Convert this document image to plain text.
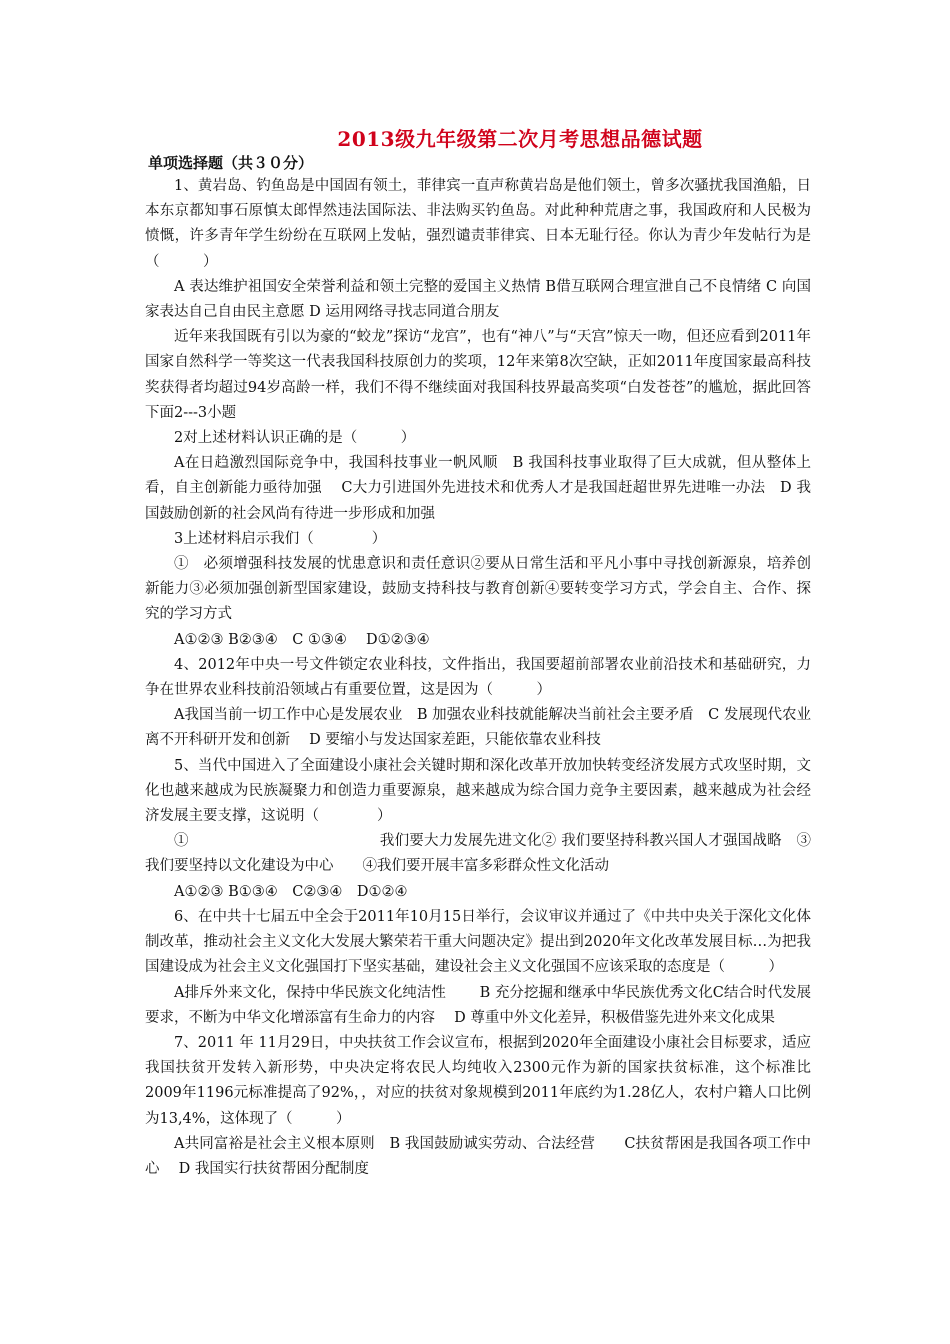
2013级九年级第二次月考思想品德试题
单项选择题（共３０分）

1、黄岩岛、钓鱼岛是中国固有领土，菲律宾一直声称黄岩岛是他们领土，曾多次骚扰我国渔船，日本东京都知事石原慎太郎悍然违法国际法、非法购买钓鱼岛。对此种种荒唐之事，我国政府和人民极为愤慨，许多青年学生纷纷在互联网上发帖，强烈谴责菲律宾、日本无耻行径。你认为青少年发帖行为是（　　　）

A 表达维护祖国安全荣誉利益和领土完整的爱国主义热情 B借互联网合理宣泄自己不良情绪 C 向国家表达自己自由民主意愿 D 运用网络寻找志同道合朋友

近年来我国既有引以为豪的“蛟龙”探访“龙宫”，也有“神八”与“天宫”惊天一吻，但还应看到2011年国家自然科学一等奖这一代表我国科技原创力的奖项，12年来第8次空缺，正如2011年度国家最高科技奖获得者均超过94岁高龄一样，我们不得不继续面对我国科技界最高奖项“白发苍苍”的尴尬，据此回答下面2---3小题

2对上述材料认识正确的是（　　　）

A在日趋激烈国际竞争中，我国科技事业一帆风顺　B 我国科技事业取得了巨大成就，但从整体上看，自主创新能力亟待加强　 C大力引进国外先进技术和优秀人才是我国赶超世界先进唯一办法　D 我国鼓励创新的社会风尚有待进一步形成和加强

3上述材料启示我们（　　　　）

①　必须增强科技发展的忧患意识和责任意识②要从日常生活和平凡小事中寻找创新源泉，培养创新能力③必须加强创新型国家建设，鼓励支持科技与教育创新④要转变学习方式，学会自主、合作、探究的学习方式

A①②③ B②③④　C ①③④　 D①②③④

4、2012年中央一号文件锁定农业科技，文件指出，我国要超前部署农业前沿技术和基础研究，力争在世界农业科技前沿领域占有重要位置，这是因为（　　　）

A我国当前一切工作中心是发展农业　B 加强农业科技就能解决当前社会主要矛盾　C 发展现代农业离不开科研开发和创新　 D 要缩小与发达国家差距，只能依靠农业科技

5、当代中国进入了全面建设小康社会关键时期和深化改革开放加快转变经济发展方式攻坚时期，文化也越来越成为民族凝聚力和创造力重要源泉，越来越成为综合国力竞争主要因素，越来越成为社会经济发展主要支撑，这说明（　　　　）

①　　　　　　　　　　　　　我们要大力发展先进文化② 我们要坚持科教兴国人才强国战略　③ 我们要坚持以文化建设为中心　　④我们要开展丰富多彩群众性文化活动

A①②③ B①③④　C②③④　D①②④

6、在中共十七届五中全会于2011年10月15日举行，会议审议并通过了《中共中央关于深化文化体制改革，推动社会主义文化大发展大繁荣若干重大问题决定》提出到2020年文化改革发展目标…为把我国建设成为社会主义文化强国打下坚实基础，建设社会主义文化强国不应该采取的态度是（　　　）

A排斥外来文化，保持中华民族文化纯洁性　　 B 充分挖掘和继承中华民族优秀文化C结合时代发展要求，不断为中华文化增添富有生命力的内容　 D 尊重中外文化差异，积极借鉴先进外来文化成果

7、2011 年 11月29日，中央扶贫工作会议宣布，根据到2020年全面建设小康社会目标要求，适应我国扶贫开发转入新形势，中央决定将农民人均纯收入2300元作为新的国家扶贫标准，这个标准比2009年1196元标准提高了92%，，对应的扶贫对象规模到2011年底约为1.28亿人，农村户籍人口比例为13,4%，这体现了（　　　）

A共同富裕是社会主义根本原则　B 我国鼓励诚实劳动、合法经营　　C扶贫帮困是我国各项工作中心　 D 我国实行扶贫帮困分配制度
